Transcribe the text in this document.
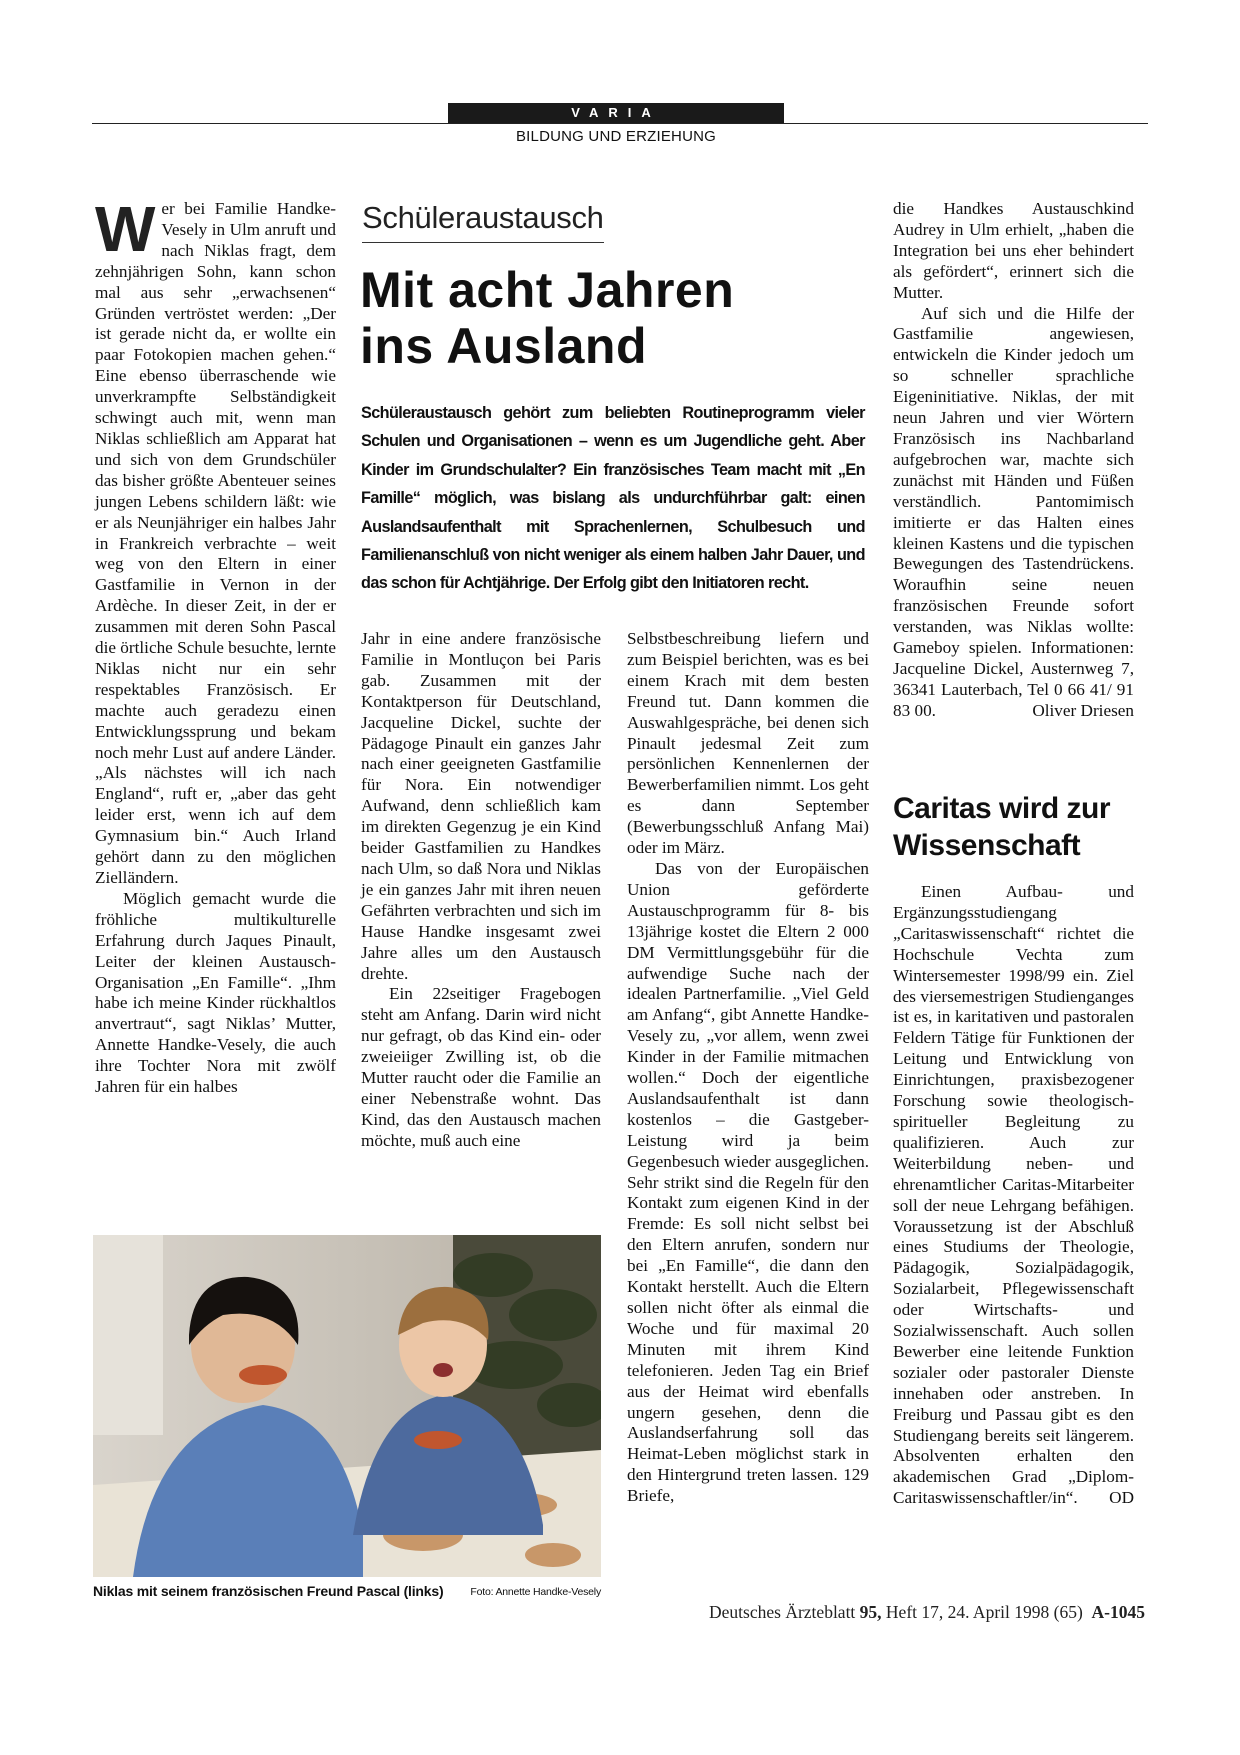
VARIA
BILDUNG UND ERZIEHUNG
W er bei Familie Handke-Vesely in Ulm anruft und nach Niklas fragt, dem zehnjährigen Sohn, kann schon mal aus sehr „erwachsenen“ Gründen vertröstet werden: „Der ist gerade nicht da, er wollte ein paar Fotokopien machen gehen.“ Eine ebenso überraschende wie unverkrampfte Selbständigkeit schwingt auch mit, wenn man Niklas schließlich am Apparat hat und sich von dem Grundschüler das bisher größte Abenteuer seines jungen Lebens schildern läßt: wie er als Neunjähriger ein halbes Jahr in Frankreich verbrachte – weit weg von den Eltern in einer Gastfamilie in Vernon in der Ardèche. In dieser Zeit, in der er zusammen mit deren Sohn Pascal die örtliche Schule besuchte, lernte Niklas nicht nur ein sehr respektables Französisch. Er machte auch geradezu einen Entwicklungssprung und bekam noch mehr Lust auf andere Länder. „Als nächstes will ich nach England“, ruft er, „aber das geht leider erst, wenn ich auf dem Gymnasium bin.“ Auch Irland gehört dann zu den möglichen Zielländern.

Möglich gemacht wurde die fröhliche multikulturelle Erfahrung durch Jaques Pinault, Leiter der kleinen Austausch-Organisation „En Famille“. „Ihm habe ich meine Kinder rückhaltlos anvertraut“, sagt Niklas’ Mutter, Annette Handke-Vesely, die auch ihre Tochter Nora mit zwölf Jahren für ein halbes

Schüleraustausch
Mit acht Jahren ins Ausland

Schüleraustausch gehört zum beliebten Routineprogramm vieler Schulen und Organisationen – wenn es um Jugendliche geht. Aber Kinder im Grundschulalter? Ein französisches Team macht mit „En Famille“ möglich, was bislang als undurchführbar galt: einen Auslandsaufenthalt mit Sprachenlernen, Schulbesuch und Familienanschluß von nicht weniger als einem halben Jahr Dauer, und das schon für Achtjährige. Der Erfolg gibt den Initiatoren recht.

Jahr in eine andere französische Familie in Montluçon bei Paris gab. Zusammen mit der Kontaktperson für Deutschland, Jacqueline Dickel, suchte der Pädagoge Pinault ein ganzes Jahr nach einer geeigneten Gastfamilie für Nora. Ein notwendiger Aufwand, denn schließlich kam im direkten Gegenzug je ein Kind beider Gastfamilien zu Handkes nach Ulm, so daß Nora und Niklas je ein ganzes Jahr mit ihren neuen Gefährten verbrachten und sich im Hause Handke insgesamt zwei Jahre alles um den Austausch drehte.

Ein 22seitiger Fragebogen steht am Anfang. Darin wird nicht nur gefragt, ob das Kind ein- oder zweieiiger Zwilling ist, ob die Mutter raucht oder die Familie an einer Nebenstraße wohnt. Das Kind, das den Austausch machen möchte, muß auch eine

Selbstbeschreibung liefern und zum Beispiel berichten, was es bei einem Krach mit dem besten Freund tut. Dann kommen die Auswahlgespräche, bei denen sich Pinault jedesmal Zeit zum persönlichen Kennenlernen der Bewerberfamilien nimmt. Los geht es dann September (Bewerbungsschluß Anfang Mai) oder im März.

Das von der Europäischen Union geförderte Austauschprogramm für 8- bis 13jährige kostet die Eltern 2 000 DM Vermittlungsgebühr für die aufwendige Suche nach der idealen Partnerfamilie. „Viel Geld am Anfang“, gibt Annette Handke-Vesely zu, „vor allem, wenn zwei Kinder in der Familie mitmachen wollen.“ Doch der eigentliche Auslandsaufenthalt ist dann kostenlos – die Gastgeber-Leistung wird ja beim Gegenbesuch wieder ausgeglichen. Sehr strikt sind die Regeln für den Kontakt zum eigenen Kind in der Fremde: Es soll nicht selbst bei den Eltern anrufen, sondern nur bei „En Famille“, die dann den Kontakt herstellt. Auch die Eltern sollen nicht öfter als einmal die Woche und für maximal 20 Minuten mit ihrem Kind telefonieren. Jeden Tag ein Brief aus der Heimat wird ebenfalls ungern gesehen, denn die Auslandserfahrung soll das Heimat-Leben möglichst stark in den Hintergrund treten lassen. 129 Briefe,

die Handkes Austauschkind Audrey in Ulm erhielt, „haben die Integration bei uns eher behindert als gefördert“, erinnert sich die Mutter.

Auf sich und die Hilfe der Gastfamilie angewiesen, entwickeln die Kinder jedoch um so schneller sprachliche Eigeninitiative. Niklas, der mit neun Jahren und vier Wörtern Französisch ins Nachbarland aufgebrochen war, machte sich zunächst mit Händen und Füßen verständlich. Pantomimisch imitierte er das Halten eines kleinen Kastens und die typischen Bewegungen des Tastendrückens. Woraufhin seine neuen französischen Freunde sofort verstanden, was Niklas wollte: Gameboy spielen. Informationen: Jacqueline Dickel, Austernweg 7, 36341 Lauterbach, Tel 0 66 41/ 91 83 00.	Oliver Driesen

Caritas wird zur Wissenschaft

Einen Aufbau- und Ergänzungsstudiengang „Caritaswissenschaft“ richtet die Hochschule Vechta zum Wintersemester 1998/99 ein. Ziel des viersemestrigen Studienganges ist es, in karitativen und pastoralen Feldern Tätige für Funktionen der Leitung und Entwicklung von Einrichtungen, praxisbezogener Forschung sowie theologisch-spiritueller Begleitung zu qualifizieren. Auch zur Weiterbildung neben- und ehrenamtlicher Caritas-Mitarbeiter soll der neue Lehrgang befähigen. Voraussetzung ist der Abschluß eines Studiums der Theologie, Pädagogik, Sozialpädagogik, Sozialarbeit, Pflegewissenschaft oder Wirtschafts- und Sozialwissenschaft. Auch sollen Bewerber eine leitende Funktion sozialer oder pastoraler Dienste innehaben oder anstreben. In Freiburg und Passau gibt es den Studiengang bereits seit längerem. Absolventen erhalten den akademischen Grad „Diplom-Caritaswissenschaftler/in“.	OD

Niklas mit seinem französischen Freund Pascal (links)	Foto: Annette Handke-Vesely
Deutsches Ärzteblatt 95, Heft 17, 24. April 1998 (65) A-1045
